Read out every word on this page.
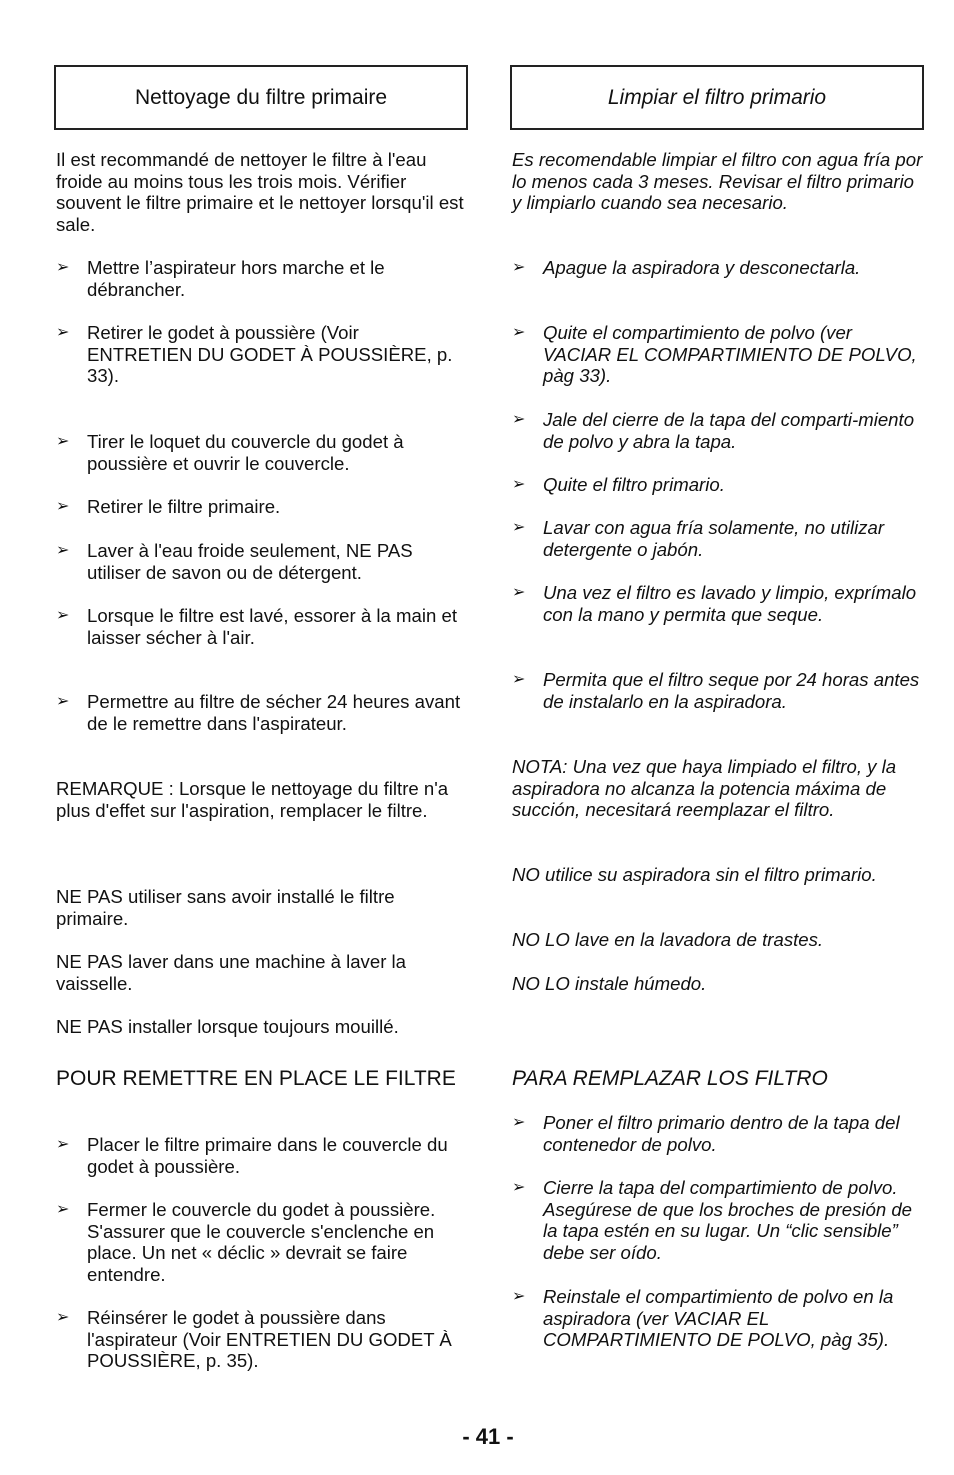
Nettoyage du filtre primaire
Il est recommandé de nettoyer le filtre à l'eau froide au moins tous les trois mois. Vérifier souvent le filtre primaire et le nettoyer lorsqu'il est sale.
➢ Mettre l’aspirateur hors marche et le débrancher.
➢ Retirer le godet à poussière (Voir ENTRETIEN DU GODET À POUSSIÈRE, p. 33).
➢ Tirer le loquet du couvercle du godet à poussière et ouvrir le couvercle.
➢ Retirer le filtre primaire.
➢ Laver à l'eau froide seulement, NE PAS utiliser de savon ou de détergent.
➢ Lorsque le filtre est lavé, essorer à la main et laisser sécher à l'air.
➢ Permettre au filtre de sécher 24 heures avant de le remettre dans l'aspirateur.
REMARQUE : Lorsque le nettoyage du filtre n'a plus d'effet sur l'aspiration, remplacer le filtre.
NE PAS utiliser sans avoir installé le filtre primaire.
NE PAS laver dans une machine à laver la vaisselle.
NE PAS installer lorsque toujours mouillé.
POUR REMETTRE EN PLACE LE FILTRE
➢ Placer le filtre primaire dans le couvercle du godet à poussière.
➢ Fermer le couvercle du godet à poussière. S'assurer que le couvercle s'enclenche en place. Un net « déclic » devrait se faire entendre.
➢ Réinsérer le godet à poussière dans l'aspirateur (Voir ENTRETIEN DU GODET À POUSSIÈRE, p. 35).
Limpiar el filtro primario
Es recomendable limpiar el filtro con agua fría por lo menos cada 3 meses. Revisar el filtro primario y limpiarlo cuando sea necesario.
➢ Apague la aspiradora y desconectarla.
➢ Quite el compartimiento de polvo (ver VACIAR EL COMPARTIMIENTO DE POLVO, pàg 33).
➢ Jale del cierre de la tapa del comparti-miento de polvo y abra la tapa.
➢ Quite el filtro primario.
➢ Lavar con agua fría solamente, no utilizar detergente o jabón.
➢ Una vez el filtro es lavado y limpio, exprímalo con la mano y permita que seque.
➢ Permita que el filtro seque por 24 horas antes de instalarlo en la aspiradora.
NOTA: Una vez que haya limpiado el filtro, y la aspiradora no alcanza la potencia máxima de succión, necesitará reemplazar el filtro.
NO utilice su aspiradora sin el filtro primario.
NO LO lave en la lavadora de trastes.
NO LO instale húmedo.
PARA REMPLAZAR LOS FILTRO
➢ Poner el filtro primario dentro de la tapa del contenedor de polvo.
➢ Cierre la tapa del compartimiento de polvo. Asegúrese de que los broches de presión de la tapa estén en su lugar. Un “clic sensible” debe ser oído.
➢ Reinstale el compartimiento de polvo en la aspiradora (ver VACIAR EL COMPARTIMIENTO DE POLVO, pàg 35).
- 41 -
